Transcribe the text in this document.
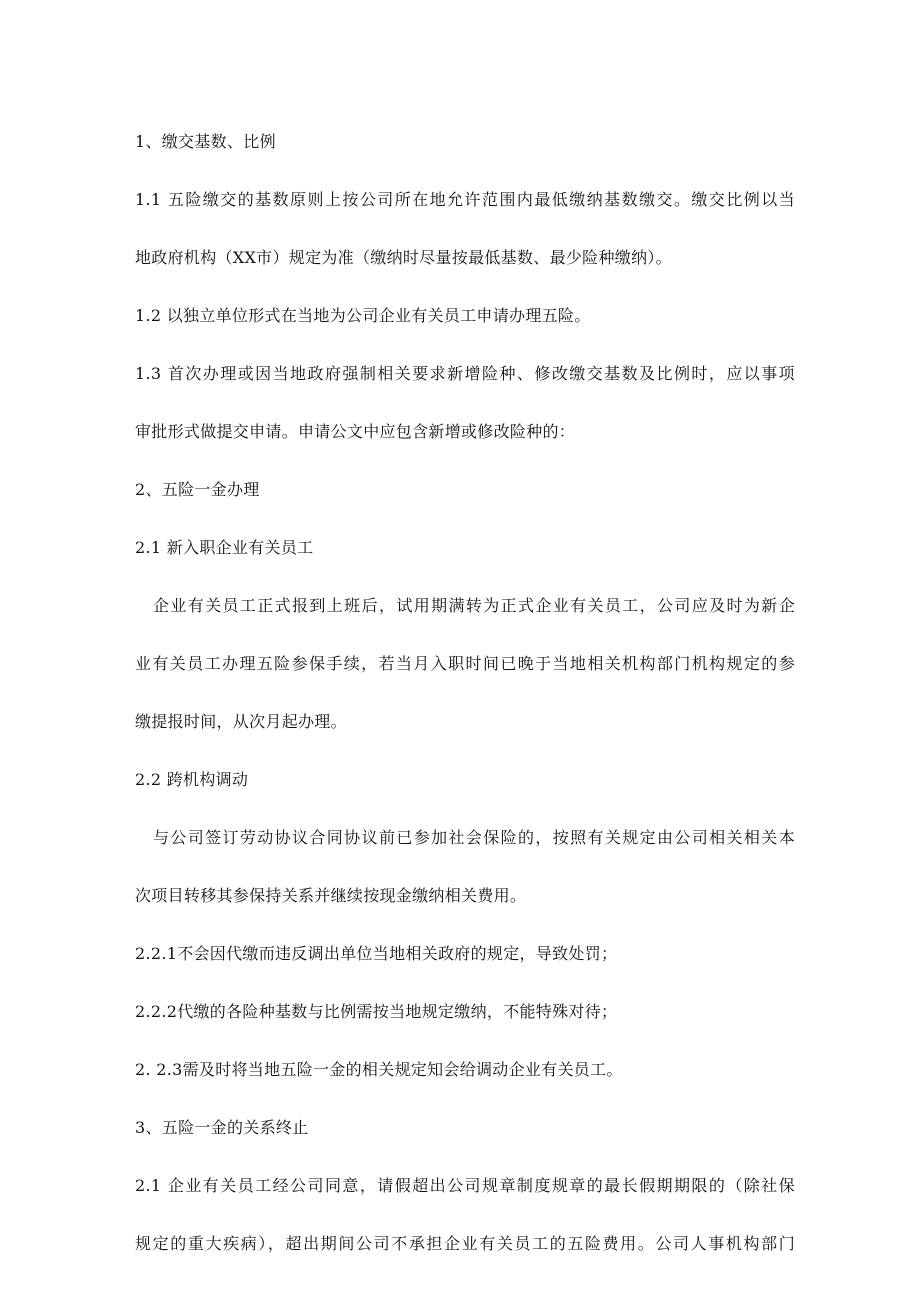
1、缴交基数、比例
1.1 五险缴交的基数原则上按公司所在地允许范围内最低缴纳基数缴交。缴交比例以当
地政府机构（XX市）规定为准（缴纳时尽量按最低基数、最少险种缴纳）。
1.2 以独立单位形式在当地为公司企业有关员工申请办理五险。
1.3 首次办理或因当地政府强制相关要求新增险种、修改缴交基数及比例时，应以事项
审批形式做提交申请。申请公文中应包含新增或修改险种的：
2、五险一金办理
2.1 新入职企业有关员工
企业有关员工正式报到上班后，试用期满转为正式企业有关员工，公司应及时为新企
业有关员工办理五险参保手续，若当月入职时间已晚于当地相关机构部门机构规定的参
缴提报时间，从次月起办理。
2.2 跨机构调动
与公司签订劳动协议合同协议前已参加社会保险的，按照有关规定由公司相关相关本
次项目转移其参保持关系并继续按现金缴纳相关费用。
2.2.1不会因代缴而违反调出单位当地相关政府的规定，导致处罚；
2.2.2代缴的各险种基数与比例需按当地规定缴纳，不能特殊对待；
2. 2.3需及时将当地五险一金的相关规定知会给调动企业有关员工。
3、五险一金的关系终止
2.1 企业有关员工经公司同意，请假超出公司规章制度规章的最长假期期限的（除社保
规定的重大疾病），超出期间公司不承担企业有关员工的五险费用。公司人事机构部门
